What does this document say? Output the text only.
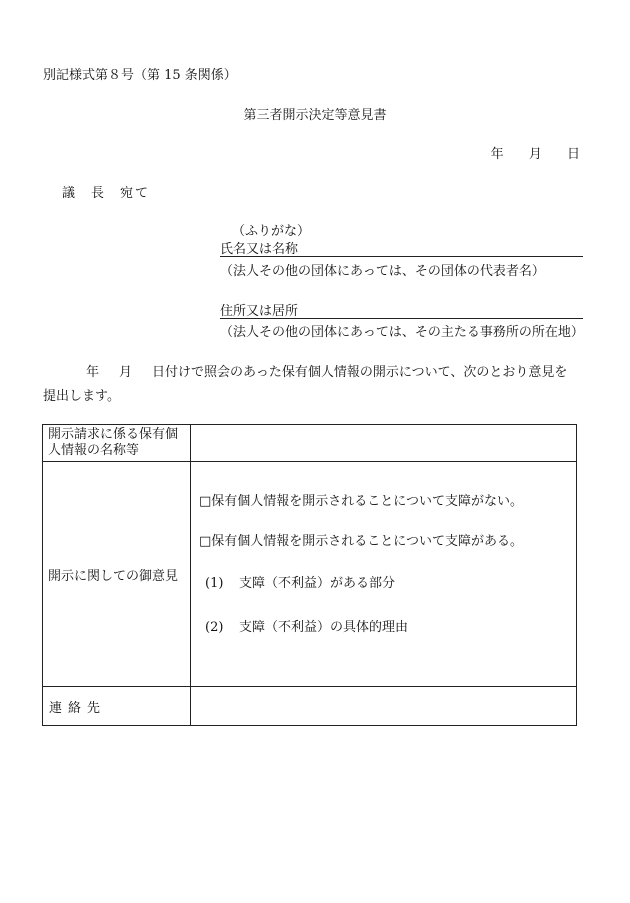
別記様式第８号（第 15 条関係）
第三者開示決定等意見書
年 月 日
議 長 宛て
（ふりがな）
氏名又は名称
（法人その他の団体にあっては、その団体の代表者名）
住所又は居所
（法人その他の団体にあっては、その主たる事務所の所在地）
年 月 日付けで照会のあった保有個人情報の開示について、次のとおり意見を
提出します。
開示請求に係る保有個
人情報の名称等	

開示に関しての御意見	□保有個人情報を開示されることについて支障がない。
□保有個人情報を開示されることについて支障がある。
(1) 支障（不利益）がある部分
(2) 支障（不利益）の具体的理由

連絡先	
